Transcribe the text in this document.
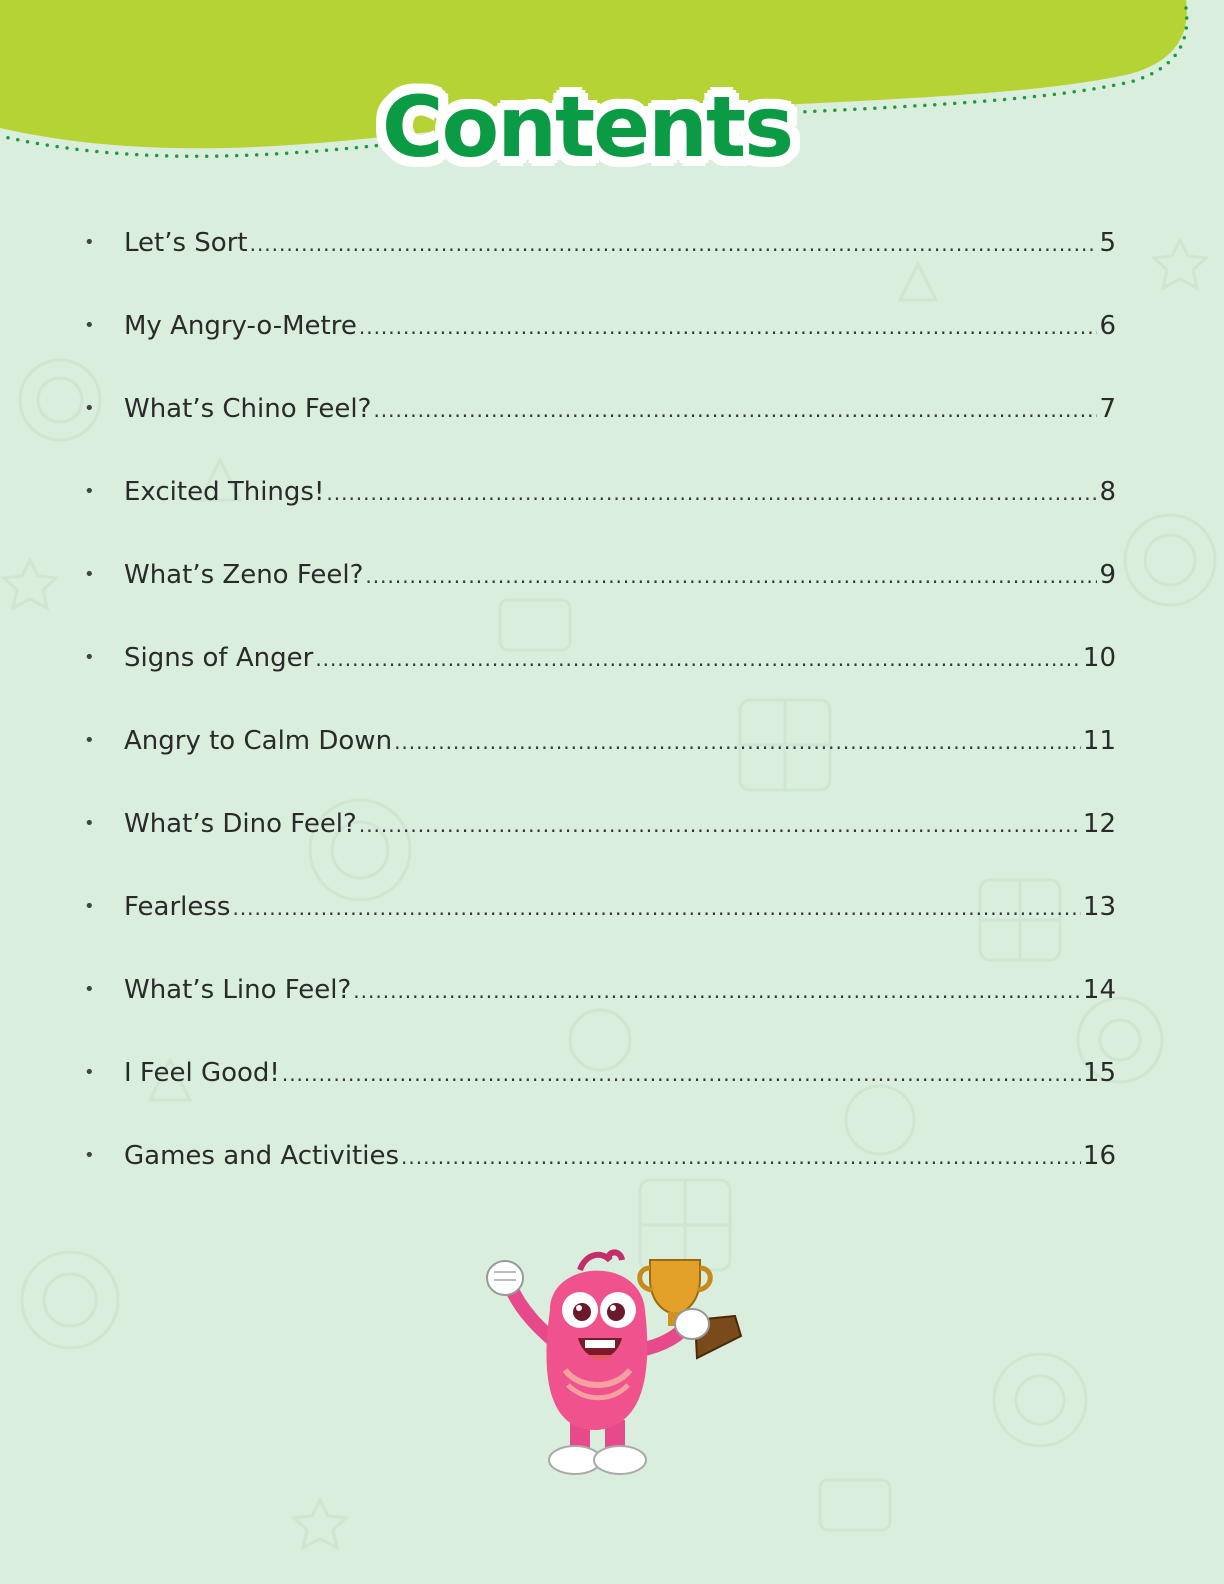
Contents
•	Let’s Sort .....	5
•	My Angry-o-Metre .....	6
•	What’s Chino Feel? .....	7
•	Excited Things! .....	8
•	What’s Zeno Feel? .....	9
•	Signs of Anger .....	10
•	Angry to Calm Down .....	11
•	What’s Dino Feel? .....	12
•	Fearless .....	13
•	What’s Lino Feel? .....	14
•	I Feel Good! .....	15
•	Games and Activities .....	16
